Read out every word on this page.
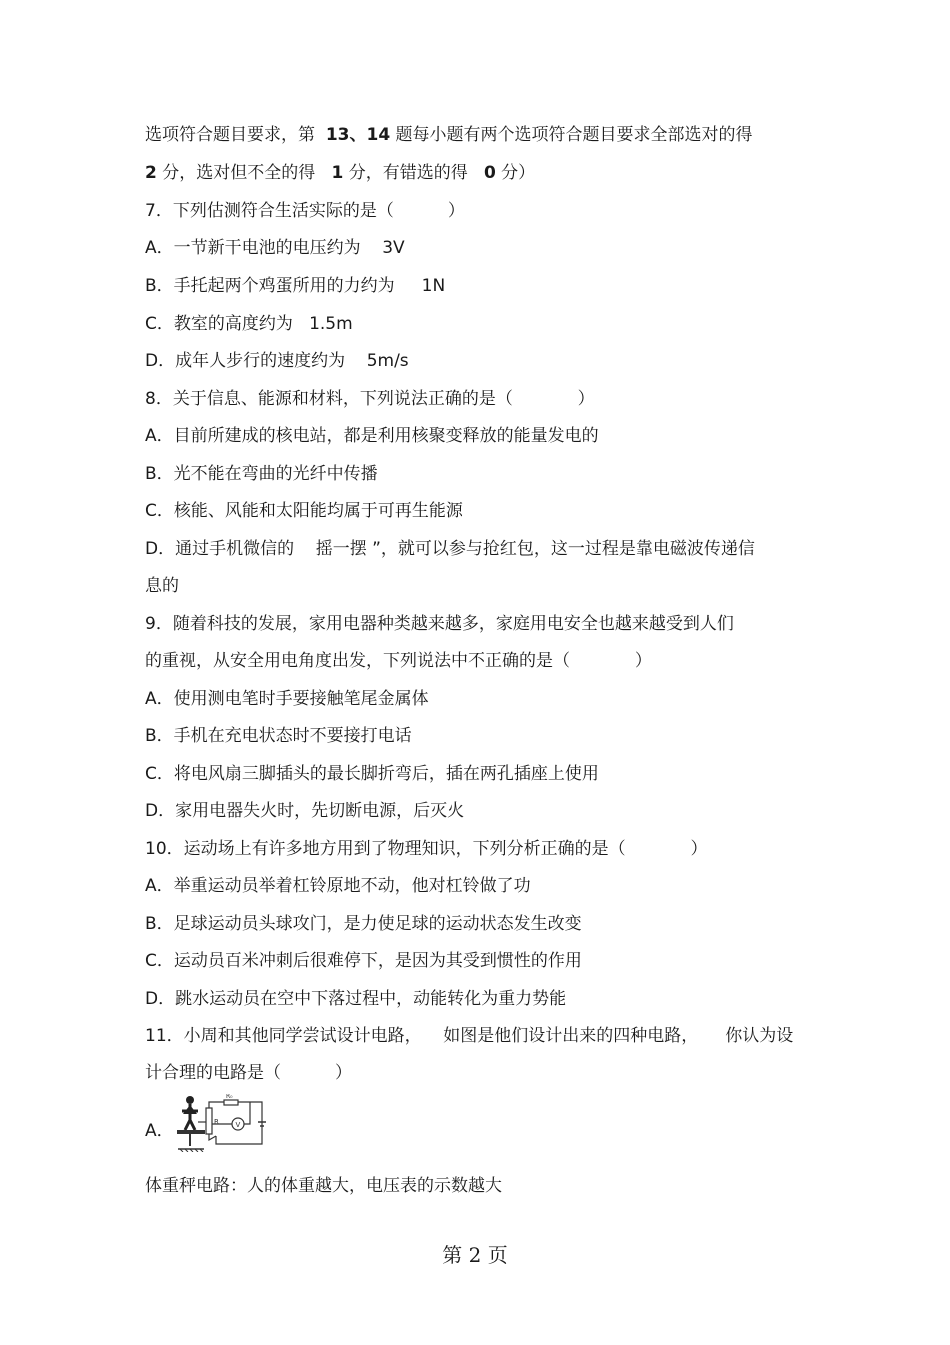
选项符合题目要求，第  13、14 题每小题有两个选项符合题目要求全部选对的得
2 分，选对但不全的得   1 分，有错选的得   0 分）
7．下列估测符合生活实际的是（          ）
A．一节新干电池的电压约为    3V
B．手托起两个鸡蛋所用的力约为     1N
C．教室的高度约为   1.5m
D．成年人步行的速度约为    5m/s
8．关于信息、能源和材料，下列说法正确的是（            ）
A．目前所建成的核电站，都是利用核聚变释放的能量发电的
B．光不能在弯曲的光纤中传播
C．核能、风能和太阳能均属于可再生能源
D．通过手机微信的    摇一摆 ”，就可以参与抢红包，这一过程是靠电磁波传递信
息的
9．随着科技的发展，家用电器种类越来越多，家庭用电安全也越来越受到人们
的重视，从安全用电角度出发，下列说法中不正确的是（            ）
A．使用测电笔时手要接触笔尾金属体
B．手机在充电状态时不要接打电话
C．将电风扇三脚插头的最长脚折弯后，插在两孔插座上使用
D．家用电器失火时，先切断电源，后灭火
10．运动场上有许多地方用到了物理知识，下列分析正确的是（            ）
A．举重运动员举着杠铃原地不动，他对杠铃做了功
B．足球运动员头球攻门，是力使足球的运动状态发生改变
C．运动员百米冲刺后很难停下，是因为其受到惯性的作用
D．跳水运动员在空中下落过程中，动能转化为重力势能
11．小周和其他同学尝试设计电路，    如图是他们设计出来的四种电路，     你认为设
计合理的电路是（          ）
A．	R
R₀
V
体重秤电路：人的体重越大，电压表的示数越大
第 2 页
